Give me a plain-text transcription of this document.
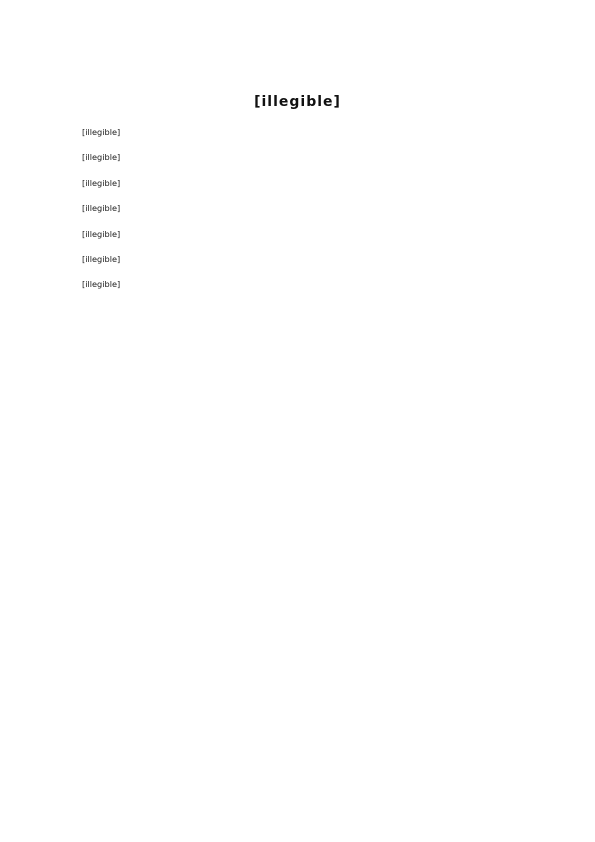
[illegible]

[illegible]

[illegible]

[illegible]

[illegible]

[illegible]

[illegible]

[illegible]
